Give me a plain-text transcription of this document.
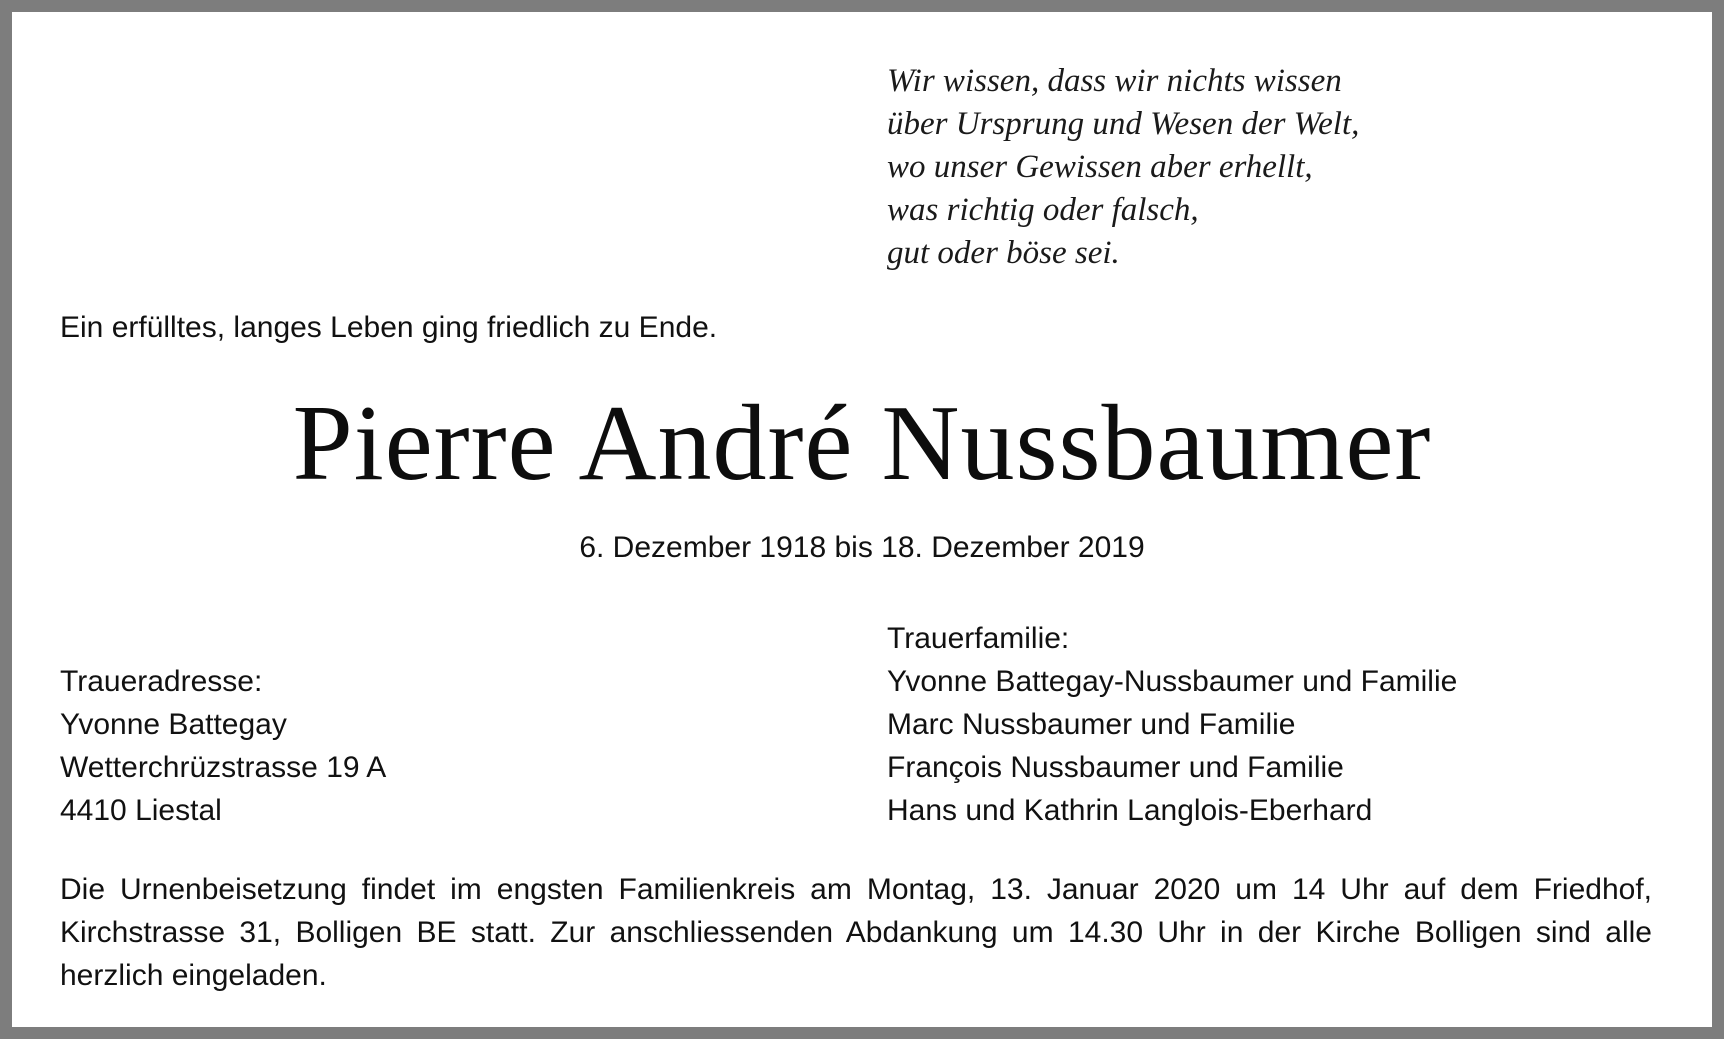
Wir wissen, dass wir nichts wissen
über Ursprung und Wesen der Welt,
wo unser Gewissen aber erhellt,
was richtig oder falsch,
gut oder böse sei.
Ein erfülltes, langes Leben ging friedlich zu Ende.
Pierre André Nussbaumer
6. Dezember 1918 bis 18. Dezember 2019
Traueradresse:
Yvonne Battegay
Wetterchrüzstrasse 19 A
4410 Liestal
Trauerfamilie:
Yvonne Battegay-Nussbaumer und Familie
Marc Nussbaumer und Familie
François Nussbaumer und Familie
Hans und Kathrin Langlois-Eberhard
Die Urnenbeisetzung findet im engsten Familienkreis am Montag, 13. Januar 2020 um 14 Uhr auf dem Friedhof, Kirchstrasse 31, Bolligen BE statt. Zur anschliessenden Abdankung um 14.30 Uhr in der Kirche Bolligen sind alle herzlich eingeladen.
